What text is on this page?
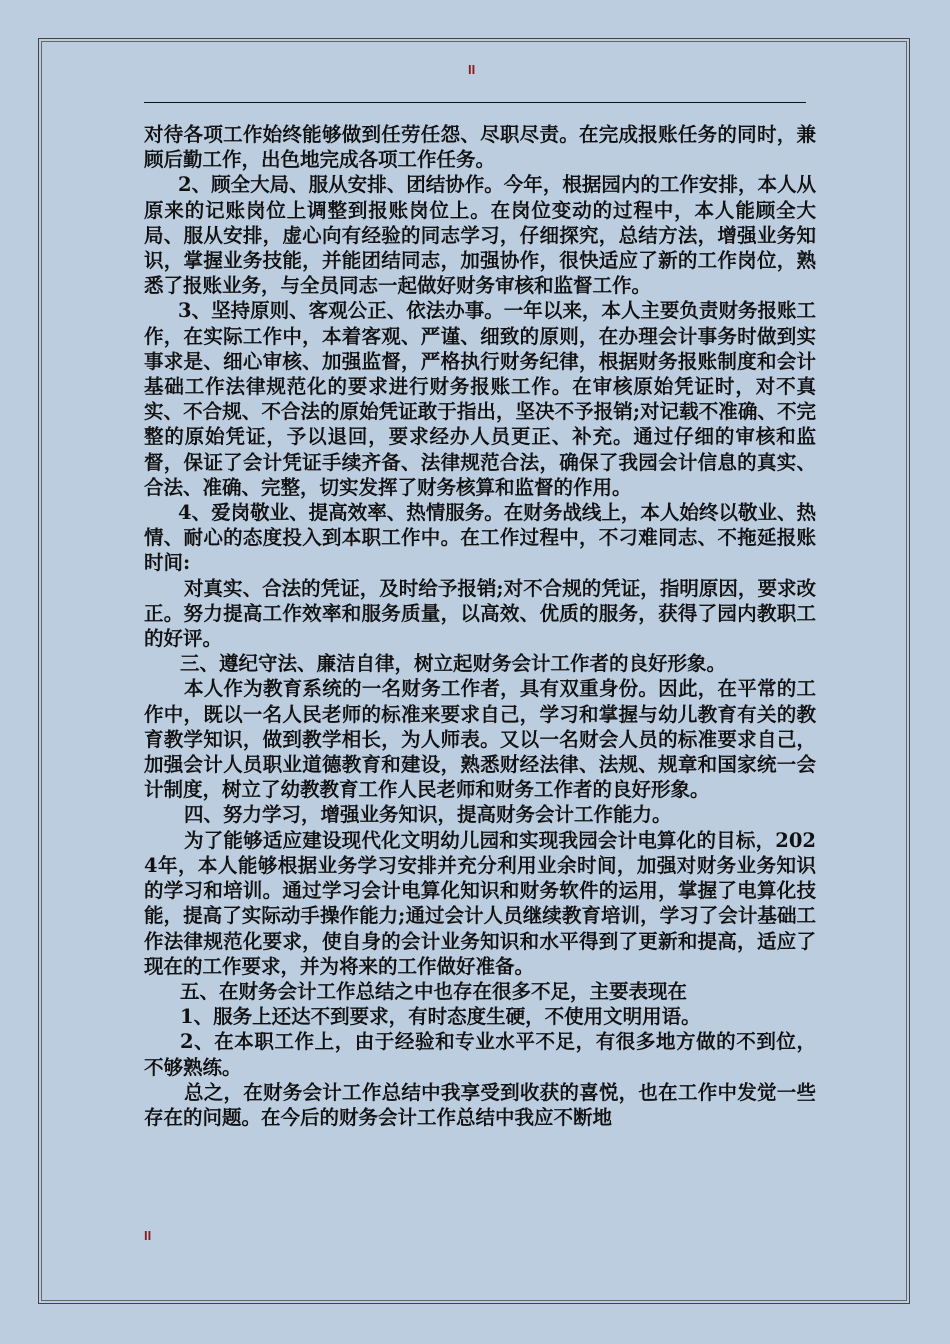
II

对待各项工作始终能够做到任劳任怨、尽职尽责。在完成报账任务的同时，兼顾后勤工作，出色地完成各项工作任务。

2、顾全大局、服从安排、团结协作。今年，根据园内的工作安排，本人从原来的记账岗位上调整到报账岗位上。在岗位变动的过程中，本人能顾全大局、服从安排，虚心向有经验的同志学习，仔细探究，总结方法，增强业务知识，掌握业务技能，并能团结同志，加强协作，很快适应了新的工作岗位，熟悉了报账业务，与全员同志一起做好财务审核和监督工作。

3、坚持原则、客观公正、依法办事。一年以来，本人主要负责财务报账工作，在实际工作中，本着客观、严谨、细致的原则，在办理会计事务时做到实事求是、细心审核、加强监督，严格执行财务纪律，根据财务报账制度和会计基础工作法律规范化的要求进行财务报账工作。在审核原始凭证时，对不真实、不合规、不合法的原始凭证敢于指出，坚决不予报销;对记载不准确、不完整的原始凭证，予以退回，要求经办人员更正、补充。通过仔细的审核和监督，保证了会计凭证手续齐备、法律规范合法，确保了我园会计信息的真实、合法、准确、完整，切实发挥了财务核算和监督的作用。

4、爱岗敬业、提高效率、热情服务。在财务战线上，本人始终以敬业、热情、耐心的态度投入到本职工作中。在工作过程中，不刁难同志、不拖延报账时间:

对真实、合法的凭证，及时给予报销;对不合规的凭证，指明原因，要求改正。努力提高工作效率和服务质量，以高效、优质的服务，获得了园内教职工的好评。

三、遵纪守法、廉洁自律，树立起财务会计工作者的良好形象。

本人作为教育系统的一名财务工作者，具有双重身份。因此，在平常的工作中，既以一名人民老师的标准来要求自己，学习和掌握与幼儿教育有关的教育教学知识，做到教学相长，为人师表。又以一名财会人员的标准要求自己，加强会计人员职业道德教育和建设，熟悉财经法律、法规、规章和国家统一会计制度，树立了幼教教育工作人民老师和财务工作者的良好形象。

四、努力学习，增强业务知识，提高财务会计工作能力。

为了能够适应建设现代化文明幼儿园和实现我园会计电算化的目标，2024年，本人能够根据业务学习安排并充分利用业余时间，加强对财务业务知识的学习和培训。通过学习会计电算化知识和财务软件的运用，掌握了电算化技能，提高了实际动手操作能力;通过会计人员继续教育培训，学习了会计基础工作法律规范化要求，使自身的会计业务知识和水平得到了更新和提高，适应了现在的工作要求，并为将来的工作做好准备。

五、在财务会计工作总结之中也存在很多不足，主要表现在

1、服务上还达不到要求，有时态度生硬，不使用文明用语。

2、在本职工作上，由于经验和专业水平不足，有很多地方做的不到位，不够熟练。

总之，在财务会计工作总结中我享受到收获的喜悦，也在工作中发觉一些存在的问题。在今后的财务会计工作总结中我应不断地

II
